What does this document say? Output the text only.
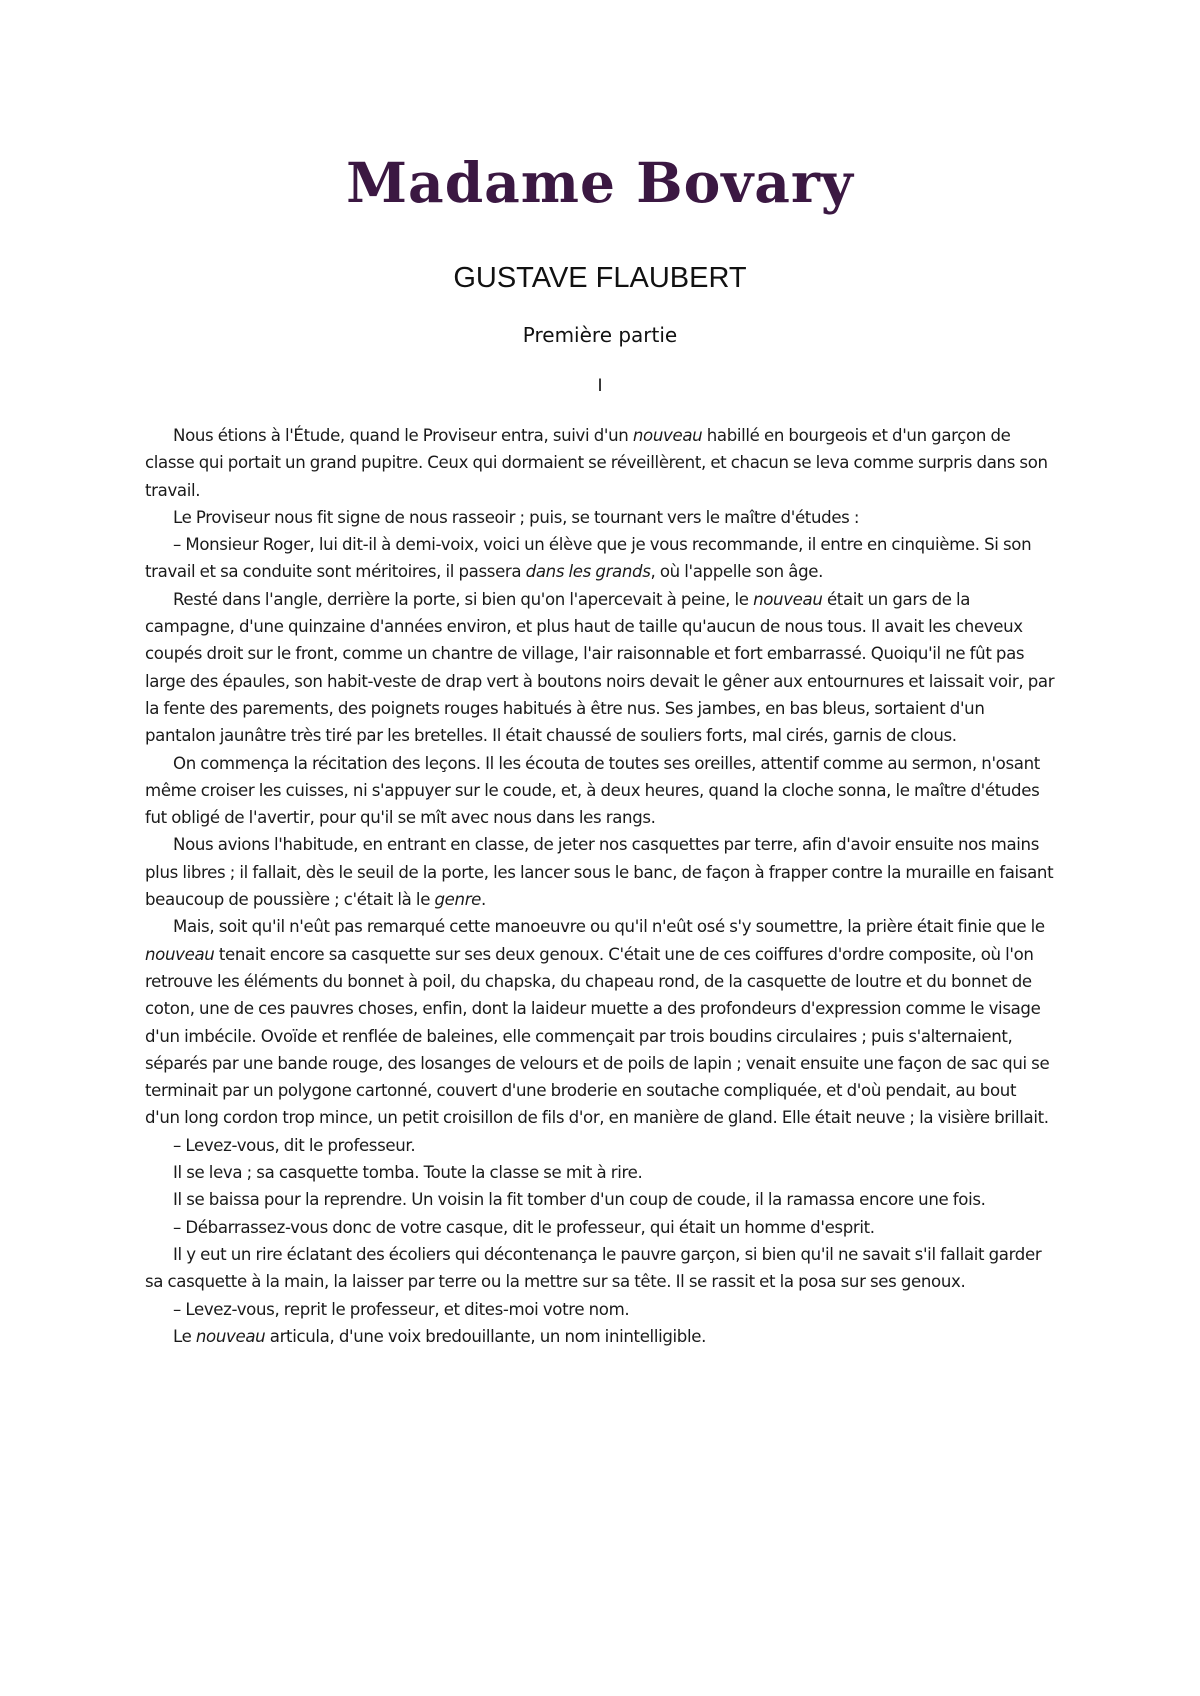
Madame Bovary
GUSTAVE FLAUBERT
Première partie
I

Nous étions à l'Étude, quand le Proviseur entra, suivi d'un nouveau habillé en bourgeois et d'un garçon de classe qui portait un grand pupitre. Ceux qui dormaient se réveillèrent, et chacun se leva comme surpris dans son travail.

Le Proviseur nous fit signe de nous rasseoir ; puis, se tournant vers le maître d'études :

– Monsieur Roger, lui dit-il à demi-voix, voici un élève que je vous recommande, il entre en cinquième. Si son travail et sa conduite sont méritoires, il passera dans les grands, où l'appelle son âge.

Resté dans l'angle, derrière la porte, si bien qu'on l'apercevait à peine, le nouveau était un gars de la campagne, d'une quinzaine d'années environ, et plus haut de taille qu'aucun de nous tous. Il avait les cheveux coupés droit sur le front, comme un chantre de village, l'air raisonnable et fort embarrassé. Quoiqu'il ne fût pas large des épaules, son habit-veste de drap vert à boutons noirs devait le gêner aux entournures et laissait voir, par la fente des parements, des poignets rouges habitués à être nus. Ses jambes, en bas bleus, sortaient d'un pantalon jaunâtre très tiré par les bretelles. Il était chaussé de souliers forts, mal cirés, garnis de clous.

On commença la récitation des leçons. Il les écouta de toutes ses oreilles, attentif comme au sermon, n'osant même croiser les cuisses, ni s'appuyer sur le coude, et, à deux heures, quand la cloche sonna, le maître d'études fut obligé de l'avertir, pour qu'il se mît avec nous dans les rangs.

Nous avions l'habitude, en entrant en classe, de jeter nos casquettes par terre, afin d'avoir ensuite nos mains plus libres ; il fallait, dès le seuil de la porte, les lancer sous le banc, de façon à frapper contre la muraille en faisant beaucoup de poussière ; c'était là le genre.

Mais, soit qu'il n'eût pas remarqué cette manoeuvre ou qu'il n'eût osé s'y soumettre, la prière était finie que le nouveau tenait encore sa casquette sur ses deux genoux. C'était une de ces coiffures d'ordre composite, où l'on retrouve les éléments du bonnet à poil, du chapska, du chapeau rond, de la casquette de loutre et du bonnet de coton, une de ces pauvres choses, enfin, dont la laideur muette a des profondeurs d'expression comme le visage d'un imbécile. Ovoïde et renflée de baleines, elle commençait par trois boudins circulaires ; puis s'alternaient, séparés par une bande rouge, des losanges de velours et de poils de lapin ; venait ensuite une façon de sac qui se terminait par un polygone cartonné, couvert d'une broderie en soutache compliquée, et d'où pendait, au bout d'un long cordon trop mince, un petit croisillon de fils d'or, en manière de gland. Elle était neuve ; la visière brillait.

– Levez-vous, dit le professeur.

Il se leva ; sa casquette tomba. Toute la classe se mit à rire.

Il se baissa pour la reprendre. Un voisin la fit tomber d'un coup de coude, il la ramassa encore une fois.

– Débarrassez-vous donc de votre casque, dit le professeur, qui était un homme d'esprit.

Il y eut un rire éclatant des écoliers qui décontenança le pauvre garçon, si bien qu'il ne savait s'il fallait garder sa casquette à la main, la laisser par terre ou la mettre sur sa tête. Il se rassit et la posa sur ses genoux.

– Levez-vous, reprit le professeur, et dites-moi votre nom.

Le nouveau articula, d'une voix bredouillante, un nom inintelligible.
